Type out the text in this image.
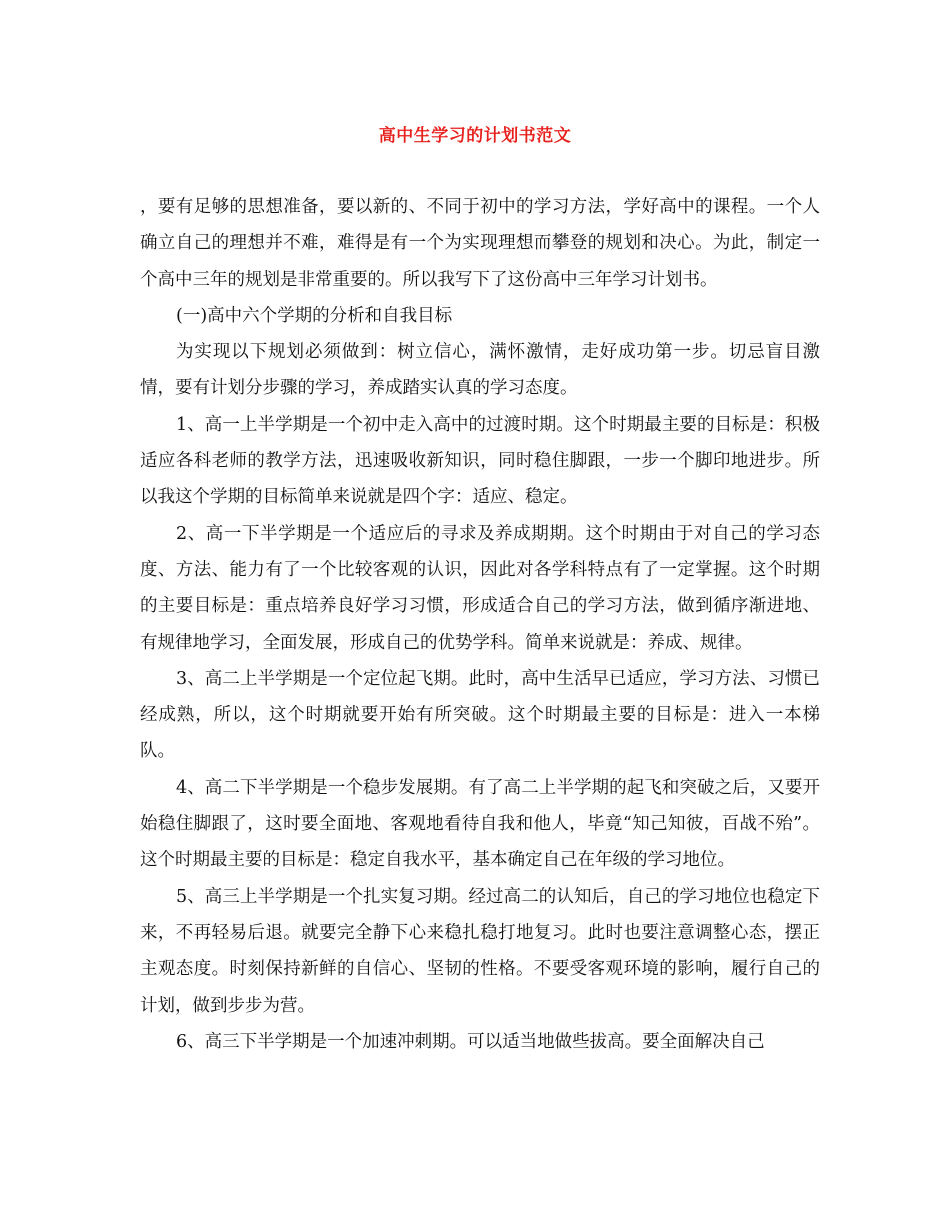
高中生学习的计划书范文

，要有足够的思想准备，要以新的、不同于初中的学习方法，学好高中的课程。一个人确立自己的理想并不难，难得是有一个为实现理想而攀登的规划和决心。为此，制定一个高中三年的规划是非常重要的。所以我写下了这份高中三年学习计划书。

(一)高中六个学期的分析和自我目标

为实现以下规划必须做到：树立信心，满怀激情，走好成功第一步。切忌盲目激情，要有计划分步骤的学习，养成踏实认真的学习态度。

1、高一上半学期是一个初中走入高中的过渡时期。这个时期最主要的目标是：积极适应各科老师的教学方法，迅速吸收新知识，同时稳住脚跟，一步一个脚印地进步。所以我这个学期的目标简单来说就是四个字：适应、稳定。

2、高一下半学期是一个适应后的寻求及养成期期。这个时期由于对自己的学习态度、方法、能力有了一个比较客观的认识，因此对各学科特点有了一定掌握。这个时期的主要目标是：重点培养良好学习习惯，形成适合自己的学习方法，做到循序渐进地、有规律地学习，全面发展，形成自己的优势学科。简单来说就是：养成、规律。

3、高二上半学期是一个定位起飞期。此时，高中生活早已适应，学习方法、习惯已经成熟，所以，这个时期就要开始有所突破。这个时期最主要的目标是：进入一本梯队。

4、高二下半学期是一个稳步发展期。有了高二上半学期的起飞和突破之后，又要开始稳住脚跟了，这时要全面地、客观地看待自我和他人，毕竟“知己知彼，百战不殆”。这个时期最主要的目标是：稳定自我水平，基本确定自己在年级的学习地位。

5、高三上半学期是一个扎实复习期。经过高二的认知后，自己的学习地位也稳定下来，不再轻易后退。就要完全静下心来稳扎稳打地复习。此时也要注意调整心态，摆正主观态度。时刻保持新鲜的自信心、坚韧的性格。不要受客观环境的影响，履行自己的计划，做到步步为营。

6、高三下半学期是一个加速冲刺期。可以适当地做些拔高。要全面解决自己
